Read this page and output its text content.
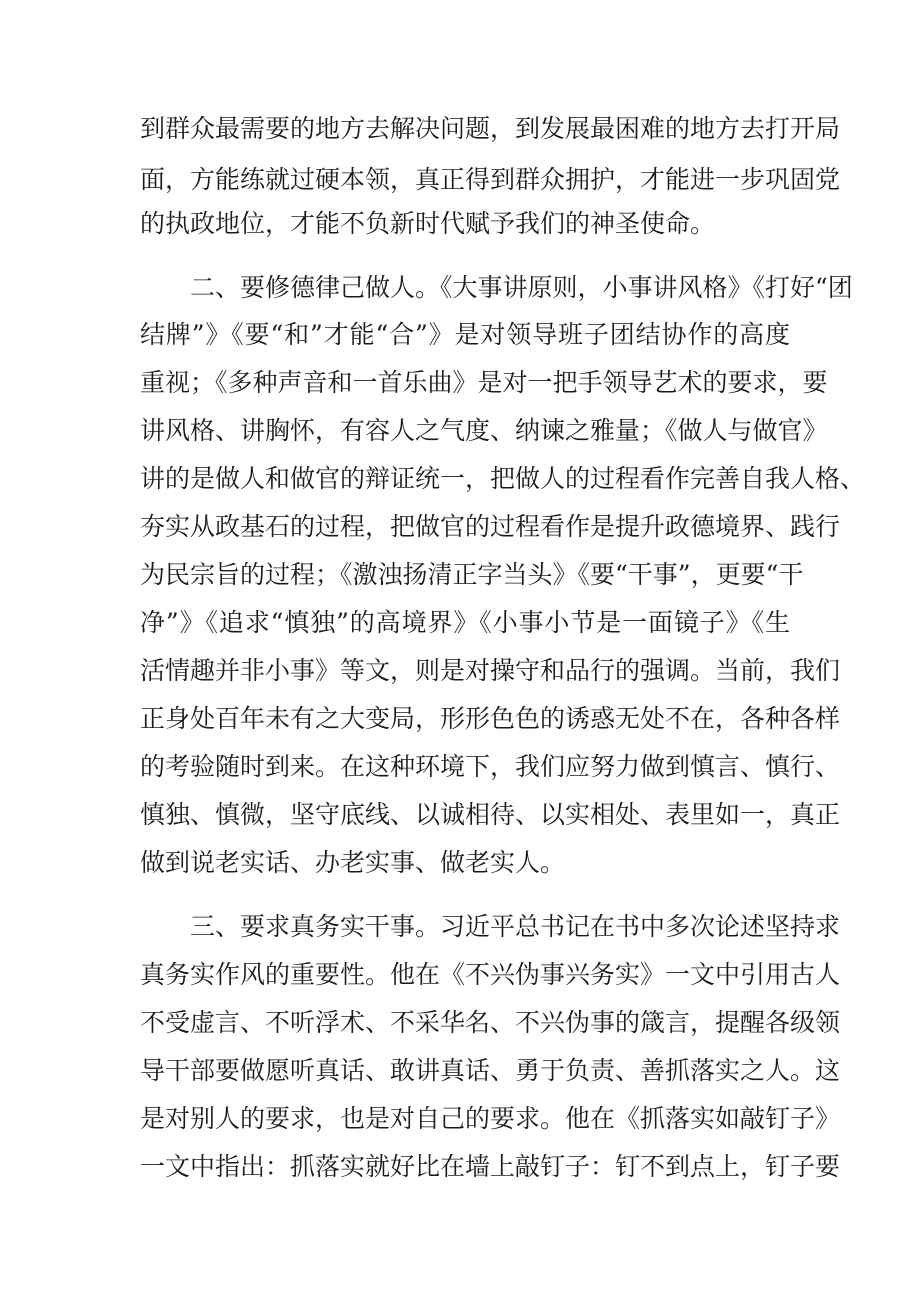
到群众最需要的地方去解决问题，到发展最困难的地方去打开局
面，方能练就过硬本领，真正得到群众拥护，才能进一步巩固党
的执政地位，才能不负新时代赋予我们的神圣使命。
二、要修德律己做人。《大事讲原则，小事讲风格》《打好“团
结牌”》《要“和”才能“合”》是对领导班子团结协作的高度
重视；《多种声音和一首乐曲》是对一把手领导艺术的要求，要
讲风格、讲胸怀，有容人之气度、纳谏之雅量；《做人与做官》
讲的是做人和做官的辩证统一，把做人的过程看作完善自我人格、
夯实从政基石的过程，把做官的过程看作是提升政德境界、践行
为民宗旨的过程；《激浊扬清正字当头》《要“干事”，更要“干
净”》《追求“慎独”的高境界》《小事小节是一面镜子》《生
活情趣并非小事》等文，则是对操守和品行的强调。当前，我们
正身处百年未有之大变局，形形色色的诱惑无处不在，各种各样
的考验随时到来。在这种环境下，我们应努力做到慎言、慎行、
慎独、慎微，坚守底线、以诚相待、以实相处、表里如一，真正
做到说老实话、办老实事、做老实人。
三、要求真务实干事。习近平总书记在书中多次论述坚持求
真务实作风的重要性。他在《不兴伪事兴务实》一文中引用古人
不受虚言、不听浮术、不采华名、不兴伪事的箴言，提醒各级领
导干部要做愿听真话、敢讲真话、勇于负责、善抓落实之人。这
是对别人的要求，也是对自己的要求。他在《抓落实如敲钉子》
一文中指出：抓落实就好比在墙上敲钉子：钉不到点上，钉子要
